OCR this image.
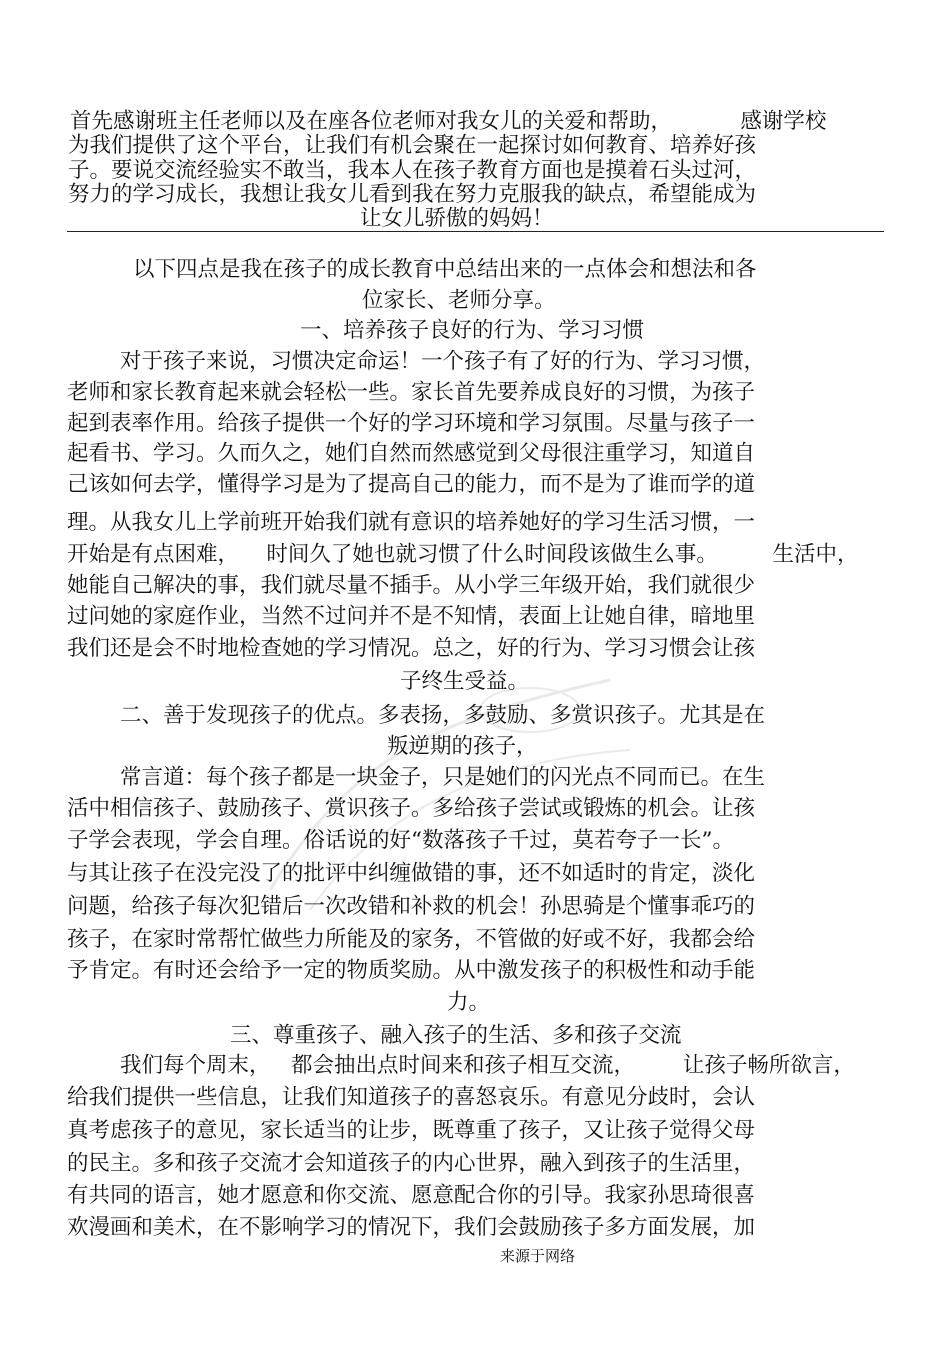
首先感谢班主任老师以及在座各位老师对我女儿的关爱和帮助，          感谢学校
为我们提供了这个平台，让我们有机会聚在一起探讨如何教育、培养好孩
子。要说交流经验实不敢当，我本人在孩子教育方面也是摸着石头过河，
努力的学习成长，我想让我女儿看到我在努力克服我的缺点，希望能成为
让女儿骄傲的妈妈！
以下四点是我在孩子的成长教育中总结出来的一点体会和想法和各
位家长、老师分享。
一、培养孩子良好的行为、学习习惯
对于孩子来说，习惯决定命运！一个孩子有了好的行为、学习习惯，
老师和家长教育起来就会轻松一些。家长首先要养成良好的习惯，为孩子
起到表率作用。给孩子提供一个好的学习环境和学习氛围。尽量与孩子一
起看书、学习。久而久之，她们自然而然感觉到父母很注重学习，知道自
己该如何去学，懂得学习是为了提高自己的能力，而不是为了谁而学的道
理。从我女儿上学前班开始我们就有意识的培养她好的学习生活习惯，一
开始是有点困难，    时间久了她也就习惯了什么时间段该做生么事。        生活中，
她能自己解决的事，我们就尽量不插手。从小学三年级开始，我们就很少
过问她的家庭作业，当然不过问并不是不知情，表面上让她自律，暗地里
我们还是会不时地检查她的学习情况。总之，好的行为、学习习惯会让孩
子终生受益。
二、善于发现孩子的优点。多表扬，多鼓励、多赏识孩子。尤其是在
叛逆期的孩子，
常言道：每个孩子都是一块金子，只是她们的闪光点不同而已。在生
活中相信孩子、鼓励孩子、赏识孩子。多给孩子尝试或锻炼的机会。让孩
子学会表现，学会自理。俗话说的好“数落孩子千过，莫若夸子一长”。
与其让孩子在没完没了的批评中纠缠做错的事，还不如适时的肯定，淡化
问题，给孩子每次犯错后一次改错和补救的机会！孙思骑是个懂事乖巧的
孩子，在家时常帮忙做些力所能及的家务，不管做的好或不好，我都会给
予肯定。有时还会给予一定的物质奖励。从中激发孩子的积极性和动手能
力。
三、尊重孩子、融入孩子的生活、多和孩子交流
我们每个周末，   都会抽出点时间来和孩子相互交流，       让孩子畅所欲言，
给我们提供一些信息，让我们知道孩子的喜怒哀乐。有意见分歧时，会认
真考虑孩子的意见，家长适当的让步，既尊重了孩子，又让孩子觉得父母
的民主。多和孩子交流才会知道孩子的内心世界，融入到孩子的生活里，
有共同的语言，她才愿意和你交流、愿意配合你的引导。我家孙思琦很喜
欢漫画和美术，在不影响学习的情况下，我们会鼓励孩子多方面发展，加
来源于网络
